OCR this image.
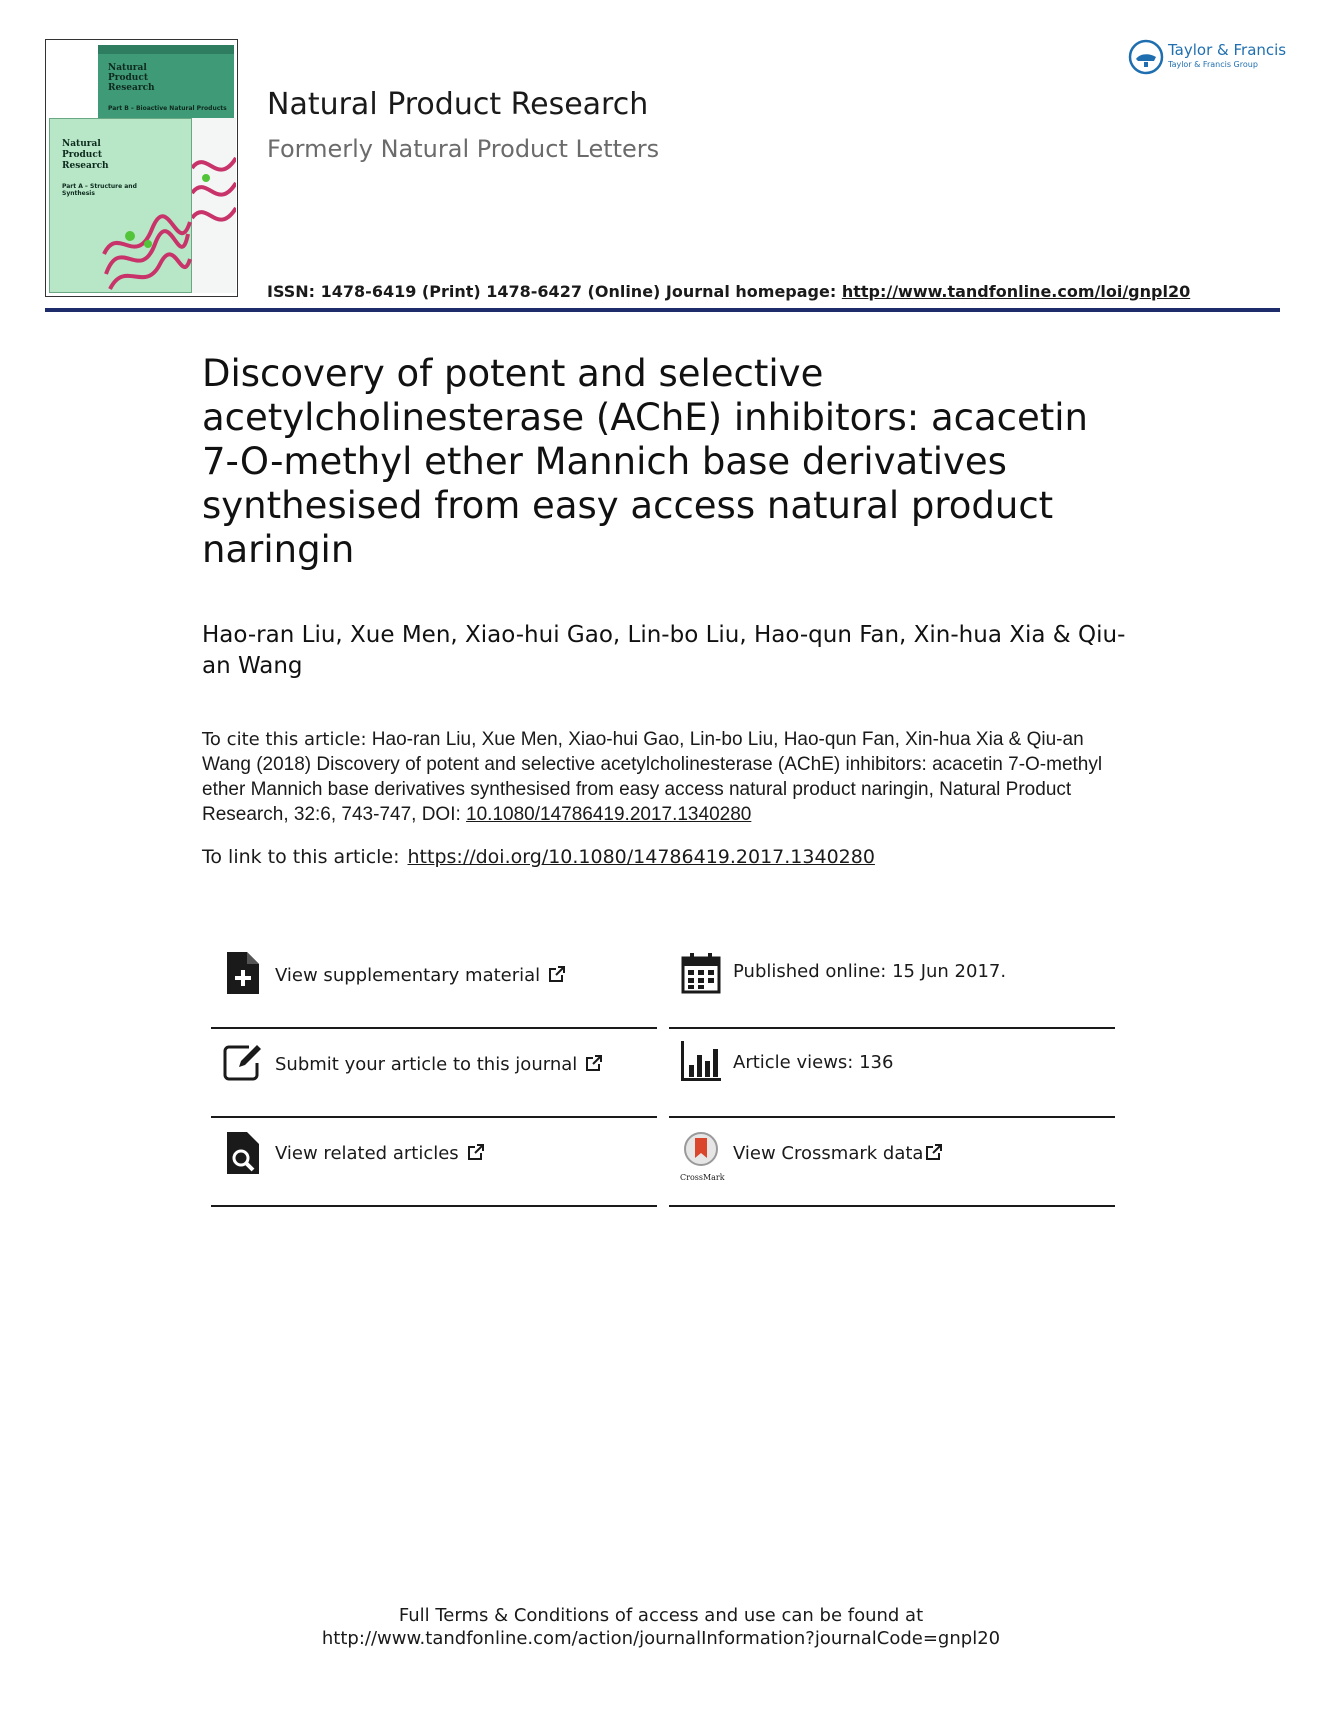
Natural Product Research
Part B – Bioactive Natural Products
Natural Product Research
Part A – Structure and Synthesis
Natural Product Research
Formerly Natural Product Letters
ISSN: 1478-6419 (Print) 1478-6427 (Online) Journal homepage: http://www.tandfonline.com/loi/gnpl20
Taylor & Francis
Taylor & Francis Group
Discovery of potent and selective acetylcholinesterase (AChE) inhibitors: acacetin 7-O-methyl ether Mannich base derivatives synthesised from easy access natural product naringin
Hao-ran Liu, Xue Men, Xiao-hui Gao, Lin-bo Liu, Hao-qun Fan, Xin-hua Xia & Qiu-an Wang
To cite this article: Hao-ran Liu, Xue Men, Xiao-hui Gao, Lin-bo Liu, Hao-qun Fan, Xin-hua Xia & Qiu-an Wang (2018) Discovery of potent and selective acetylcholinesterase (AChE) inhibitors: acacetin 7-O-methyl ether Mannich base derivatives synthesised from easy access natural product naringin, Natural Product Research, 32:6, 743-747, DOI: 10.1080/14786419.2017.1340280
To link to this article: https://doi.org/10.1080/14786419.2017.1340280
View supplementary material	Published online: 15 Jun 2017.
Submit your article to this journal	Article views: 136
View related articles
CrossMark
View Crossmark data
Full Terms & Conditions of access and use can be found at
http://www.tandfonline.com/action/journalInformation?journalCode=gnpl20
